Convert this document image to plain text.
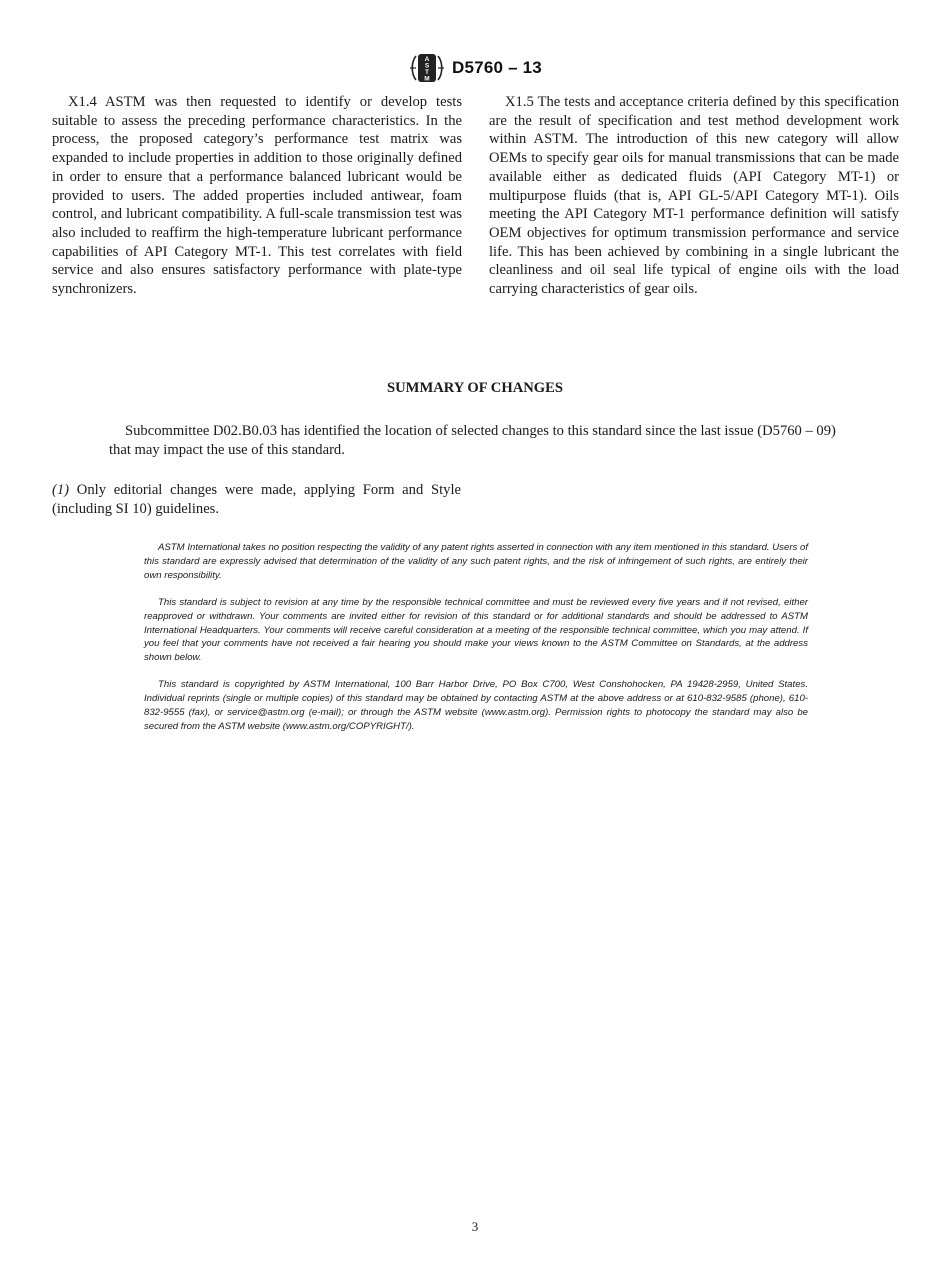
A
S
T
M
D5760 – 13

X1.4 ASTM was then requested to identify or develop tests suitable to assess the preceding performance characteristics. In the process, the proposed category’s performance test matrix was expanded to include properties in addition to those originally defined in order to ensure that a performance balanced lubricant would be provided to users. The added properties included antiwear, foam control, and lubricant compatibility. A full-scale transmission test was also included to reaffirm the high-temperature lubricant performance capabilities of API Category MT-1. This test correlates with field service and also ensures satisfactory performance with plate-type synchronizers.

X1.5 The tests and acceptance criteria defined by this specification are the result of specification and test method development work within ASTM. The introduction of this new category will allow OEMs to specify gear oils for manual transmissions that can be made available either as dedicated fluids (API Category MT-1) or multipurpose fluids (that is, API GL-5/API Category MT-1). Oils meeting the API Category MT-1 performance definition will satisfy OEM objectives for optimum transmission performance and service life. This has been achieved by combining in a single lubricant the cleanliness and oil seal life typical of engine oils with the load carrying characteristics of gear oils.

SUMMARY OF CHANGES

Subcommittee D02.B0.03 has identified the location of selected changes to this standard since the last issue (D5760 – 09) that may impact the use of this standard.

(1) Only editorial changes were made, applying Form and Style (including SI 10) guidelines.

ASTM International takes no position respecting the validity of any patent rights asserted in connection with any item mentioned in this standard. Users of this standard are expressly advised that determination of the validity of any such patent rights, and the risk of infringement of such rights, are entirely their own responsibility.

This standard is subject to revision at any time by the responsible technical committee and must be reviewed every five years and if not revised, either reapproved or withdrawn. Your comments are invited either for revision of this standard or for additional standards and should be addressed to ASTM International Headquarters. Your comments will receive careful consideration at a meeting of the responsible technical committee, which you may attend. If you feel that your comments have not received a fair hearing you should make your views known to the ASTM Committee on Standards, at the address shown below.

This standard is copyrighted by ASTM International, 100 Barr Harbor Drive, PO Box C700, West Conshohocken, PA 19428-2959, United States. Individual reprints (single or multiple copies) of this standard may be obtained by contacting ASTM at the above address or at 610-832-9585 (phone), 610-832-9555 (fax), or service@astm.org (e-mail); or through the ASTM website (www.astm.org). Permission rights to photocopy the standard may also be secured from the ASTM website (www.astm.org/COPYRIGHT/).

3
